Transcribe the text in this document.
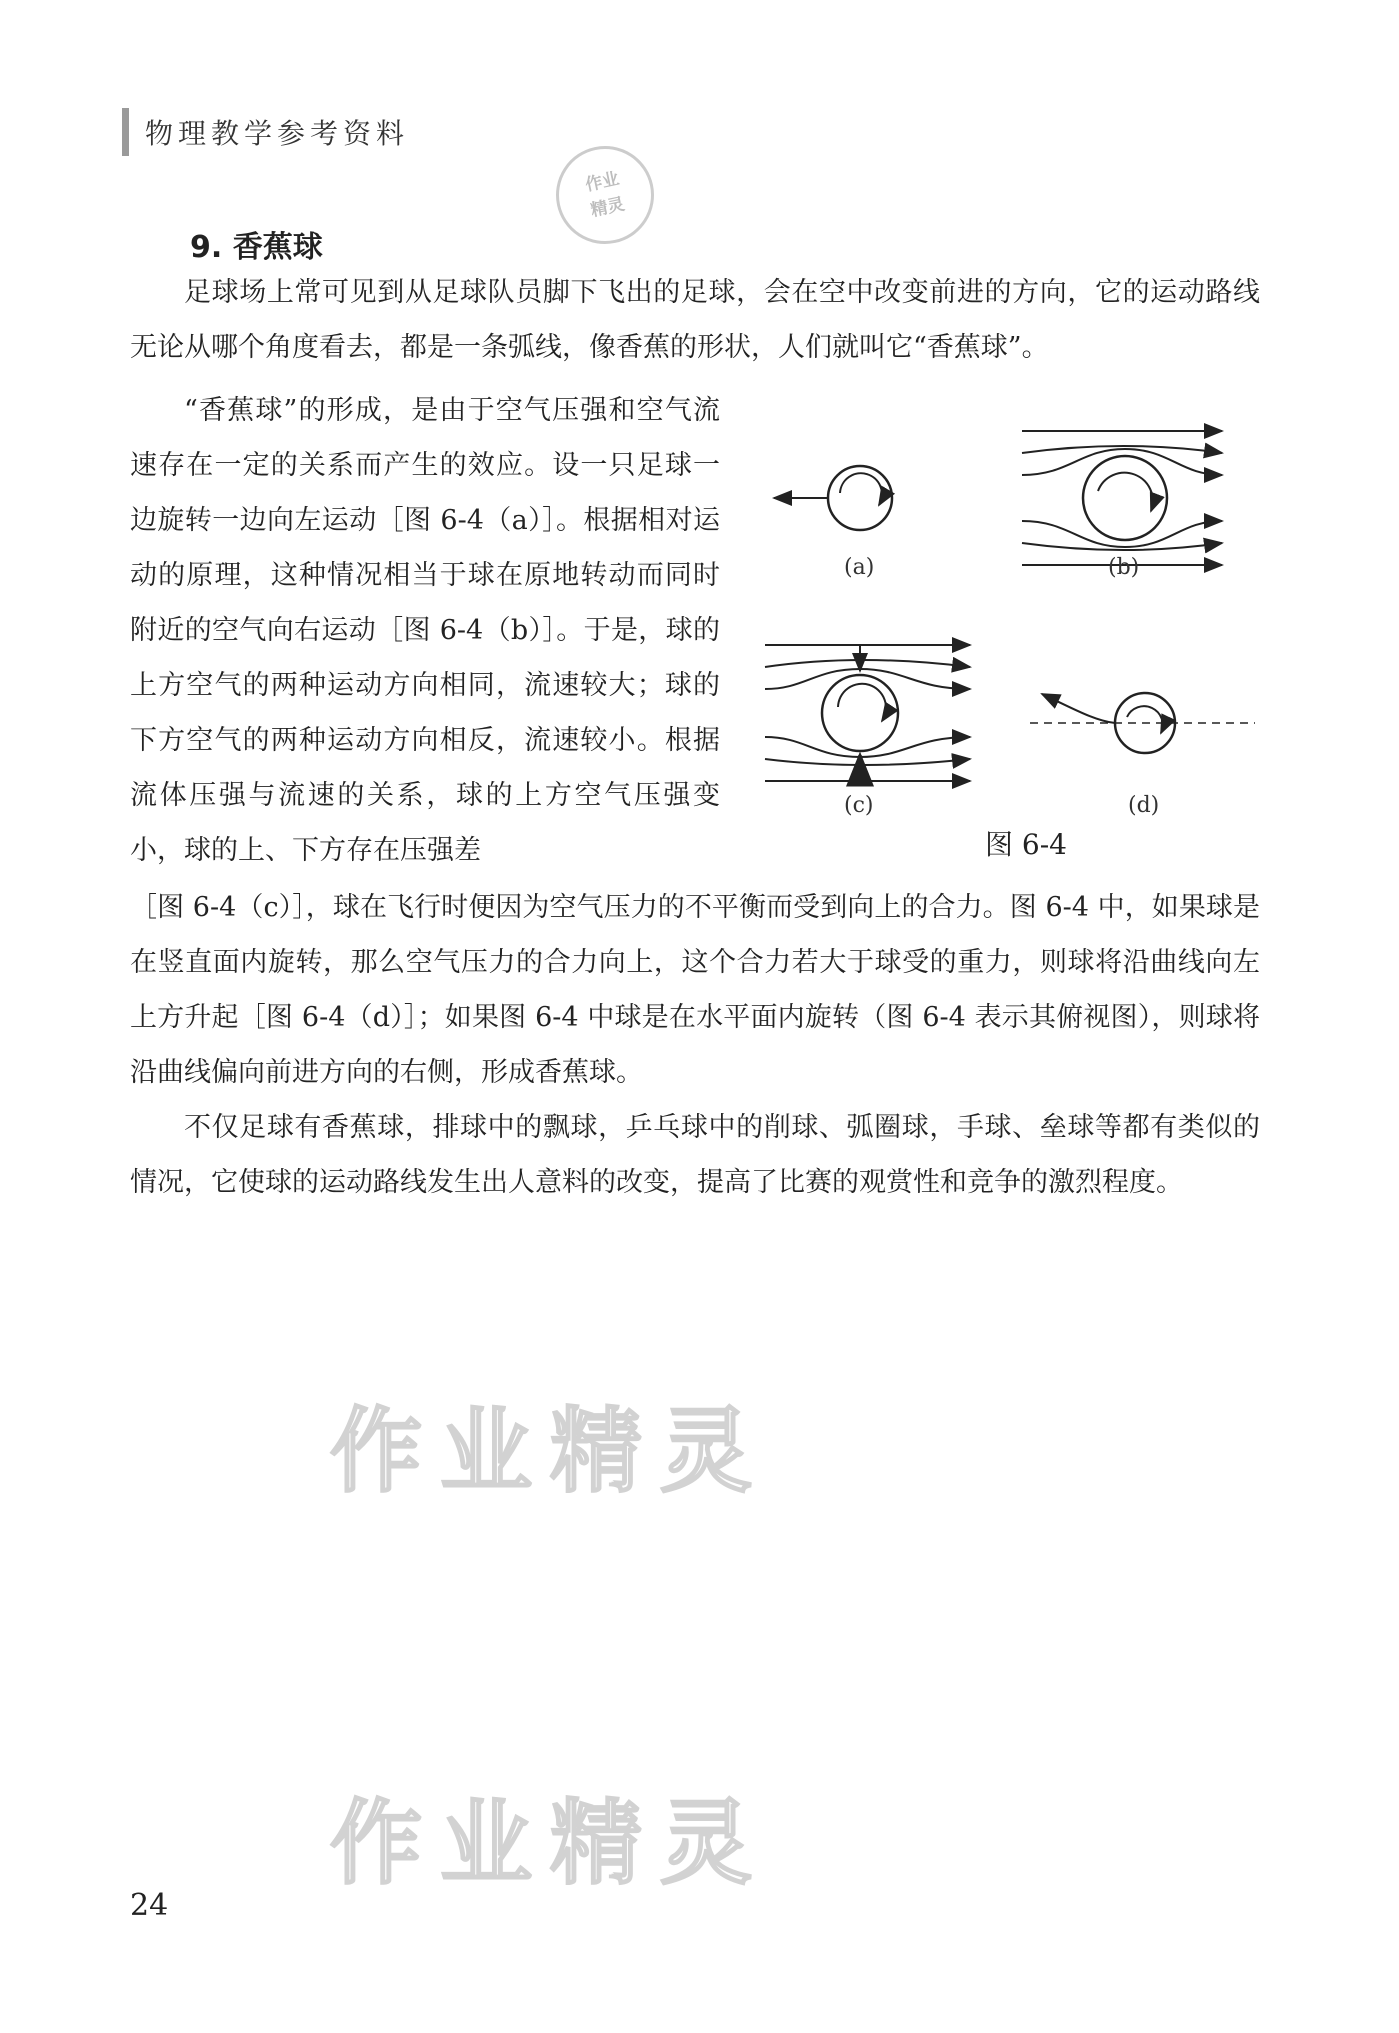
物理教学参考资料
9. 香蕉球
作业
精灵

足球场上常可见到从足球队员脚下飞出的足球，会在空中改变前进的方向，它的运动路线无论从哪个角度看去，都是一条弧线，像香蕉的形状，人们就叫它“香蕉球”。

“香蕉球”的形成，是由于空气压强和空气流速存在一定的关系而产生的效应。设一只足球一边旋转一边向左运动［图 6-4（a）］。根据相对运动的原理，这种情况相当于球在原地转动而同时附近的空气向右运动［图 6-4（b）］。于是，球的上方空气的两种运动方向相同，流速较大；球的下方空气的两种运动方向相反，流速较小。根据流体压强与流速的关系，球的上方空气压强变小，球的上、下方存在压强差

(a)	(b)
(c)	(d)
图 6-4

［图 6-4（c）］，球在飞行时便因为空气压力的不平衡而受到向上的合力。图 6-4 中，如果球是在竖直面内旋转，那么空气压力的合力向上，这个合力若大于球受的重力，则球将沿曲线向左上方升起［图 6-4（d）］；如果图 6-4 中球是在水平面内旋转（图 6-4 表示其俯视图），则球将沿曲线偏向前进方向的右侧，形成香蕉球。

不仅足球有香蕉球，排球中的飘球，乒乓球中的削球、弧圈球，手球、垒球等都有类似的情况，它使球的运动路线发生出人意料的改变，提高了比赛的观赏性和竞争的激烈程度。

作业精灵
作业精灵
24
